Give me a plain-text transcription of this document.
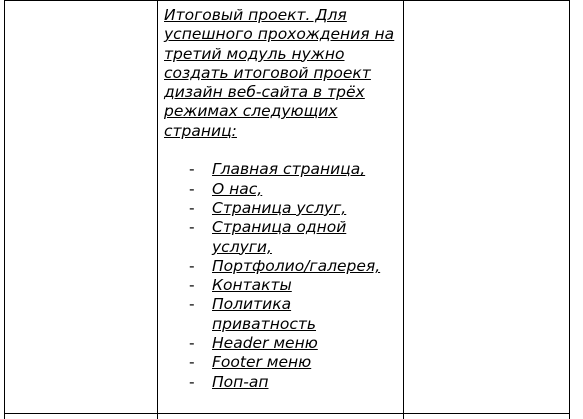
Итоговый проект. Для
успешного прохождения на
третий модуль нужно
создать итоговой проект
дизайн веб-сайта в трёх
режимах следующих
страниц:
- Главная страница,
- О нас,
- Страница услуг,
- Страница одной услуги,
- Портфолио/галерея,
- Контакты
- Политика приватность
- Header меню
- Footer меню
- Поп-ап
